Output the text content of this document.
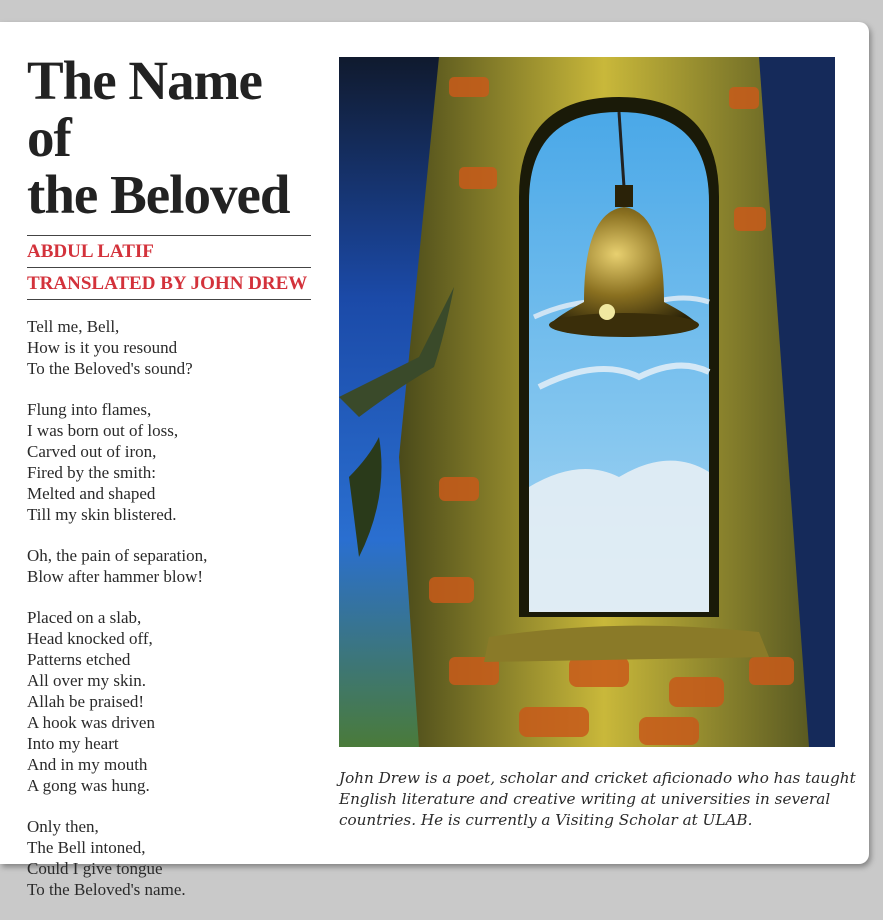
The Name of
the Beloved
ABDUL LATIF
TRANSLATED BY JOHN DREW
Tell me, Bell,
How is it you resound
To the Beloved's sound?
Flung into flames,
I was born out of loss,
Carved out of iron,
Fired by the smith:
Melted and shaped
Till my skin blistered.
Oh, the pain of separation,
Blow after hammer blow!
Placed on a slab,
Head knocked off,
Patterns etched
All over my skin.
Allah be praised!
A hook was driven
Into my heart
And in my mouth
A gong was hung.
Only then,
The Bell intoned,
Could I give tongue
To the Beloved's name.
John Drew is a poet, scholar and cricket aficionado who has taught
English literature and creative writing at universities in several
countries. He is currently a Visiting Scholar at ULAB.
